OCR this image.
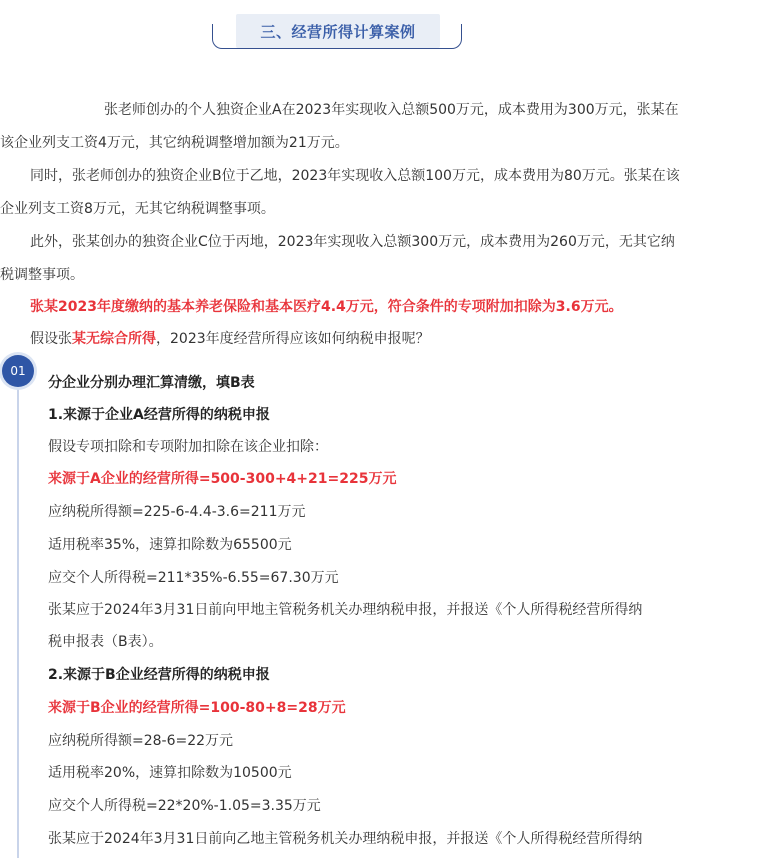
三、经营所得计算案例

张老师创办的个人独资企业A在2023年实现收入总额500万元，成本费用为300万元，张某在该企业列支工资4万元，其它纳税调整增加额为21万元。

同时，张老师创办的独资企业B位于乙地，2023年实现收入总额100万元，成本费用为80万元。张某在该企业列支工资8万元，无其它纳税调整事项。

此外，张某创办的独资企业C位于丙地，2023年实现收入总额300万元，成本费用为260万元，无其它纳税调整事项。

张某2023年度缴纳的基本养老保险和基本医疗4.4万元，符合条件的专项附加扣除为3.6万元。
假设张某无综合所得，2023年度经营所得应该如何纳税申报呢？
01
分企业分别办理汇算清缴，填B表
1.来源于企业A经营所得的纳税申报
假设专项扣除和专项附加扣除在该企业扣除：
来源于A企业的经营所得=500-300+4+21=225万元
应纳税所得额=225-6-4.4-3.6=211万元
适用税率35%，速算扣除数为65500元
应交个人所得税=211*35%-6.55=67.30万元
张某应于2024年3月31日前向甲地主管税务机关办理纳税申报，并报送《个人所得税经营所得纳
税申报表（B表）。
2.来源于B企业经营所得的纳税申报
来源于B企业的经营所得=100-80+8=28万元
应纳税所得额=28-6=22万元
适用税率20%，速算扣除数为10500元
应交个人所得税=22*20%-1.05=3.35万元
张某应于2024年3月31日前向乙地主管税务机关办理纳税申报，并报送《个人所得税经营所得纳
